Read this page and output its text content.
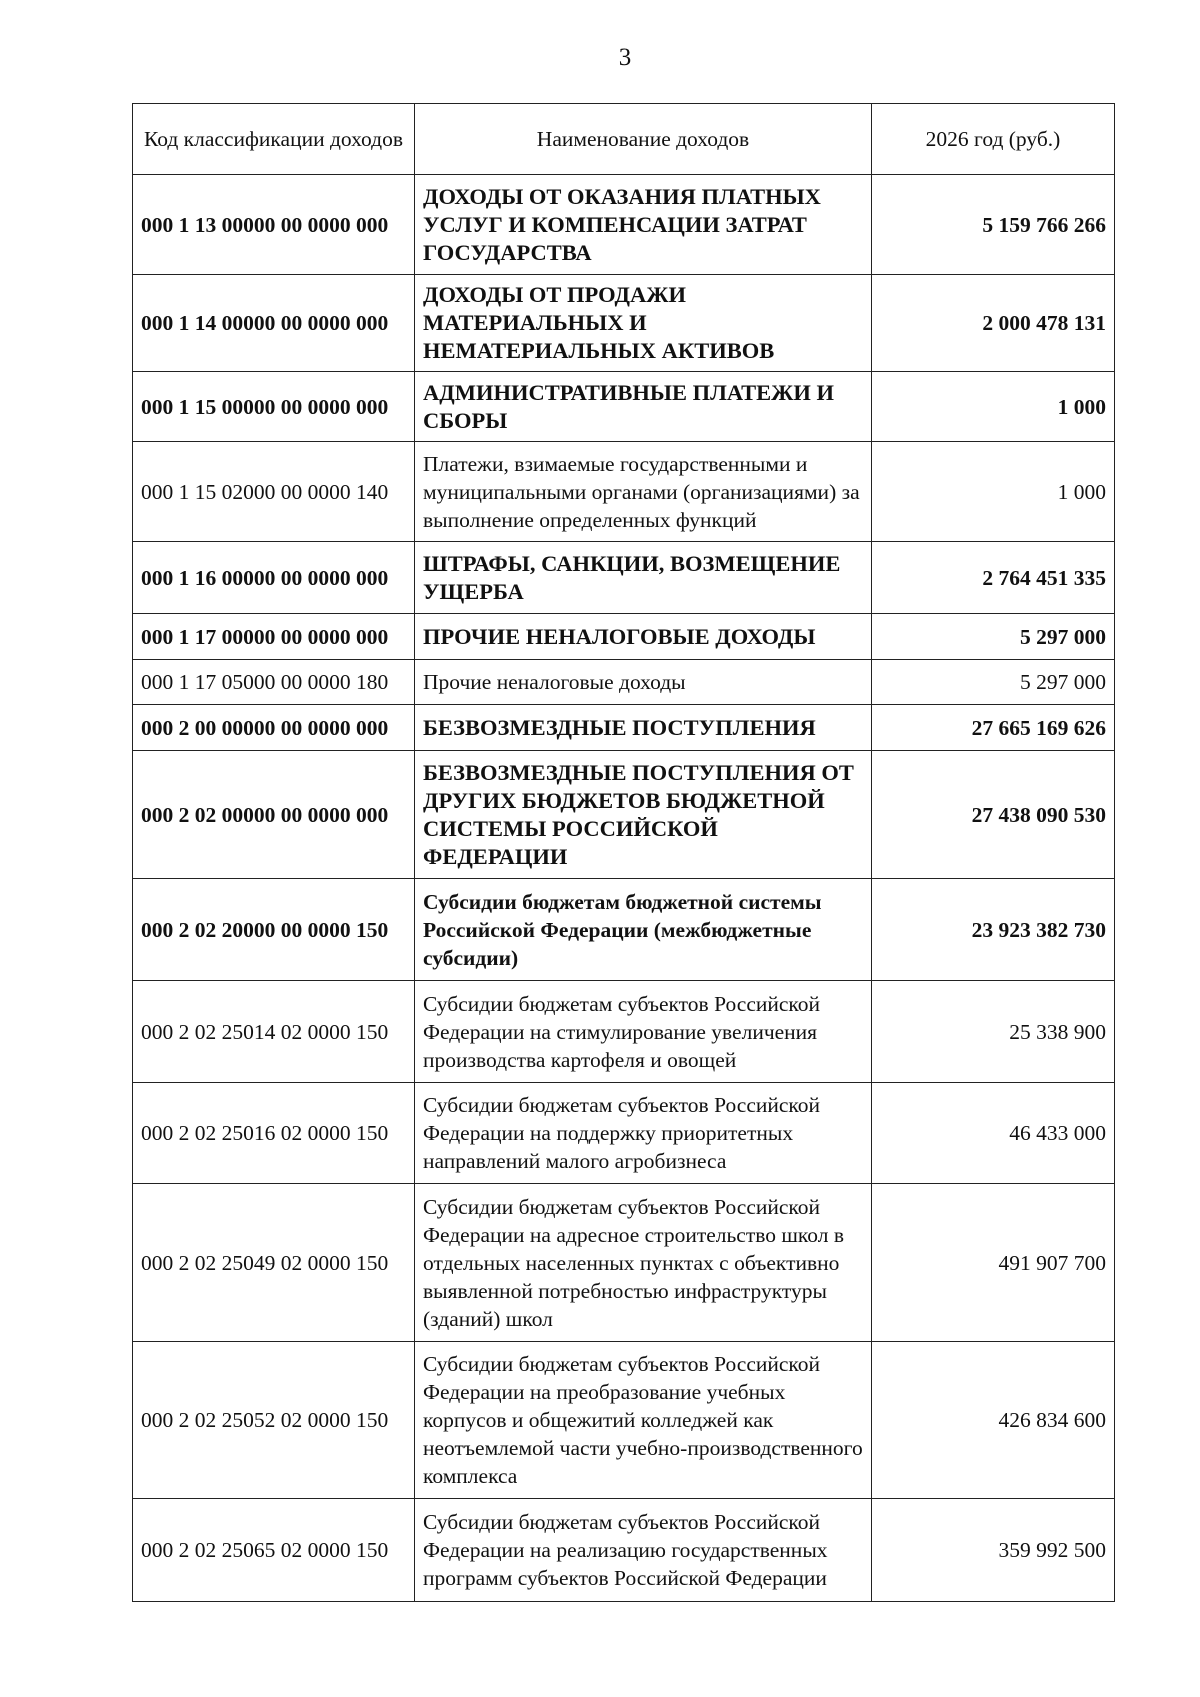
3
Код классификации доходов	Наименование доходов	2026 год (руб.)
000 1 13 00000 00 0000 000	ДОХОДЫ ОТ ОКАЗАНИЯ ПЛАТНЫХ УСЛУГ И КОМПЕНСАЦИИ ЗАТРАТ ГОСУДАРСТВА	5 159 766 266
000 1 14 00000 00 0000 000	ДОХОДЫ ОТ ПРОДАЖИ МАТЕРИАЛЬНЫХ И НЕМАТЕРИАЛЬНЫХ АКТИВОВ	2 000 478 131
000 1 15 00000 00 0000 000	АДМИНИСТРАТИВНЫЕ ПЛАТЕЖИ И СБОРЫ	1 000
000 1 15 02000 00 0000 140	Платежи, взимаемые государственными и муниципальными органами (организациями) за выполнение определенных функций	1 000
000 1 16 00000 00 0000 000	ШТРАФЫ, САНКЦИИ, ВОЗМЕЩЕНИЕ УЩЕРБА	2 764 451 335
000 1 17 00000 00 0000 000	ПРОЧИЕ НЕНАЛОГОВЫЕ ДОХОДЫ	5 297 000
000 1 17 05000 00 0000 180	Прочие неналоговые доходы	5 297 000
000 2 00 00000 00 0000 000	БЕЗВОЗМЕЗДНЫЕ ПОСТУПЛЕНИЯ	27 665 169 626
000 2 02 00000 00 0000 000	БЕЗВОЗМЕЗДНЫЕ ПОСТУПЛЕНИЯ ОТ ДРУГИХ БЮДЖЕТОВ БЮДЖЕТНОЙ СИСТЕМЫ РОССИЙСКОЙ ФЕДЕРАЦИИ	27 438 090 530
000 2 02 20000 00 0000 150	Субсидии бюджетам бюджетной системы Российской Федерации (межбюджетные субсидии)	23 923 382 730
000 2 02 25014 02 0000 150	Субсидии бюджетам субъектов Российской Федерации на стимулирование увеличения производства картофеля и овощей	25 338 900
000 2 02 25016 02 0000 150	Субсидии бюджетам субъектов Российской Федерации на поддержку приоритетных направлений малого агробизнеса	46 433 000
000 2 02 25049 02 0000 150	Субсидии бюджетам субъектов Российской Федерации на адресное строительство школ в отдельных населенных пунктах с объективно выявленной потребностью инфраструктуры (зданий) школ	491 907 700
000 2 02 25052 02 0000 150	Субсидии бюджетам субъектов Российской Федерации на преобразование учебных корпусов и общежитий колледжей как неотъемлемой части учебно-производственного комплекса	426 834 600
000 2 02 25065 02 0000 150	Субсидии бюджетам субъектов Российской Федерации на реализацию государственных программ субъектов Российской Федерации	359 992 500
